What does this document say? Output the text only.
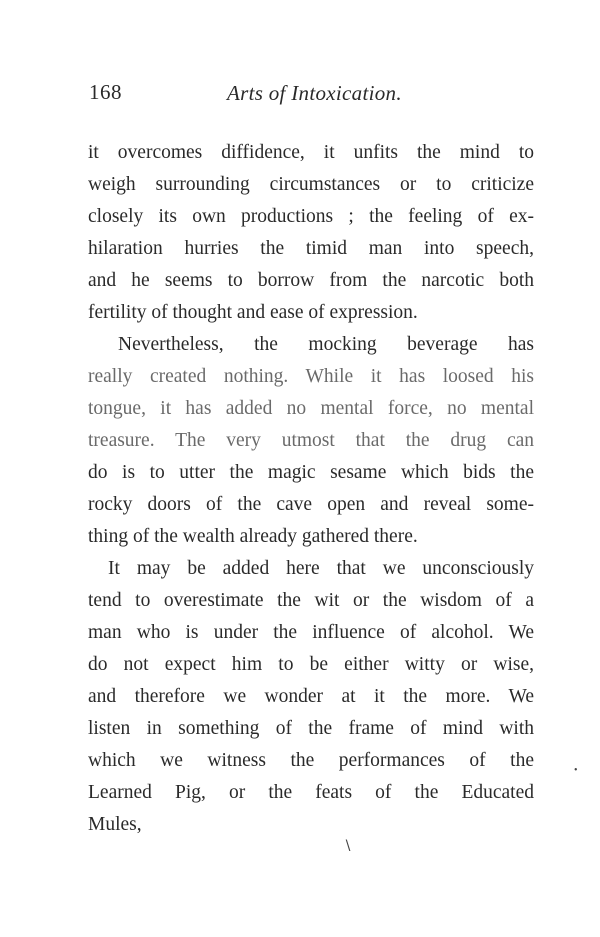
168	Arts of Intoxication.
it overcomes diffidence, it unfits the mind to
weigh surrounding circumstances or to criticize
closely its own productions ; the feeling of ex-
hilaration hurries the timid man into speech,
and he seems to borrow from the narcotic both
fertility of thought and ease of expression.
Nevertheless, the mocking beverage has
really created nothing. While it has loosed his
tongue, it has added no mental force, no mental
treasure. The very utmost that the drug can
do is to utter the magic sesame which bids the
rocky doors of the cave open and reveal some-
thing of the wealth already gathered there.
It may be added here that we unconsciously
tend to overestimate the wit or the wisdom of a
man who is under the influence of alcohol. We
do not expect him to be either witty or wise,
and therefore we wonder at it the more. We
listen in something of the frame of mind with
which we witness the performances of the
Learned Pig, or the feats of the Educated
Mules,
∖
•
